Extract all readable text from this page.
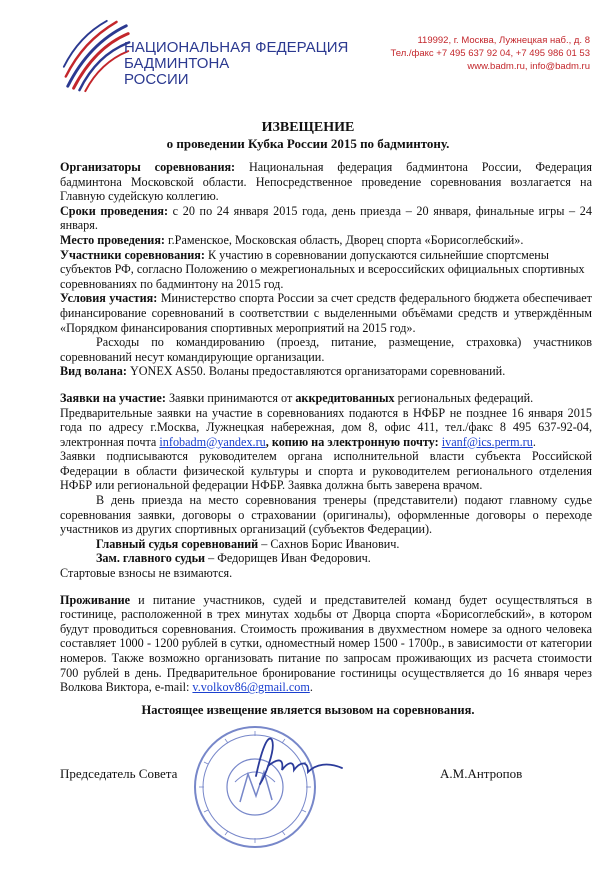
НАЦИОНАЛЬНАЯ ФЕДЕРАЦИЯ
БАДМИНТОНА
РОССИИ
119992, г. Москва, Лужнецкая наб., д. 8
Тел./факс +7 495 637 92 04, +7 495 986 01 53
www.badm.ru, info@badm.ru
ИЗВЕЩЕНИЕ
о проведении Кубка России 2015 по бадминтону.

Организаторы соревнования: Национальная федерация бадминтона России, Федерация бадминтона Московской области. Непосредственное проведение соревнования возлагается на Главную судейскую коллегию.

Сроки проведения: с 20 по 24 января 2015 года, день приезда – 20 января, финальные игры – 24 января.

Место проведения: г.Раменское, Московская область, Дворец спорта «Борисоглебский».

Участники соревнования: К участию в соревновании допускаются сильнейшие спортсмены субъектов РФ, согласно Положению о межрегиональных и всероссийских официальных спортивных соревнованиях по бадминтону на 2015 год.

Условия участия: Министерство спорта России за счет средств федерального бюджета обеспечивает финансирование соревнований в соответствии с выделенными объёмами средств и утверждённым «Порядком финансирования спортивных мероприятий на 2015 год».

Расходы по командированию (проезд, питание, размещение, страховка) участников соревнований несут командирующие организации.

Вид волана: YONEX AS50. Воланы предоставляются организаторами соревнований.

Заявки на участие: Заявки принимаются от аккредитованных региональных федераций.

Предварительные заявки на участие в соревнованиях подаются в НФБР не позднее 16 января 2015 года по адресу г.Москва, Лужнецкая набережная, дом 8, офис 411, тел./факс 8 495 637-92-04, электронная почта infobadm@yandex.ru, копию на электронную почту: ivanf@ics.perm.ru.

Заявки подписываются руководителем органа исполнительной власти субъекта Российской Федерации в области физической культуры и спорта и руководителем регионального отделения НФБР или региональной федерации НФБР. Заявка должна быть заверена врачом.

В день приезда на место соревнования тренеры (представители) подают главному судье соревнования заявки, договоры о страховании (оригиналы), оформленные договоры о переходе участников из других спортивных организаций (субъектов Федерации).

Главный судья соревнований – Сахнов Борис Иванович.

Зам. главного судьи – Федорищев Иван Федорович.

Стартовые взносы не взимаются.

Проживание и питание участников, судей и представителей команд будет осуществляться в гостинице, расположенной в трех минутах ходьбы от Дворца спорта «Борисоглебский», в котором будут проводиться соревнования. Стоимость проживания в двухместном номере за одного человека составляет 1000 - 1200 рублей в сутки, одноместный номер 1500 - 1700р., в зависимости от категории номеров. Также возможно организовать питание по запросам проживающих из расчета стоимости 700 рублей в день. Предварительное бронирование гостиницы осуществляется до 16 января через Волкова Виктора, e-mail: v.volkov86@gmail.com.

Настоящее извещение является вызовом на соревнования.
Председатель Совета	А.М.Антропов
